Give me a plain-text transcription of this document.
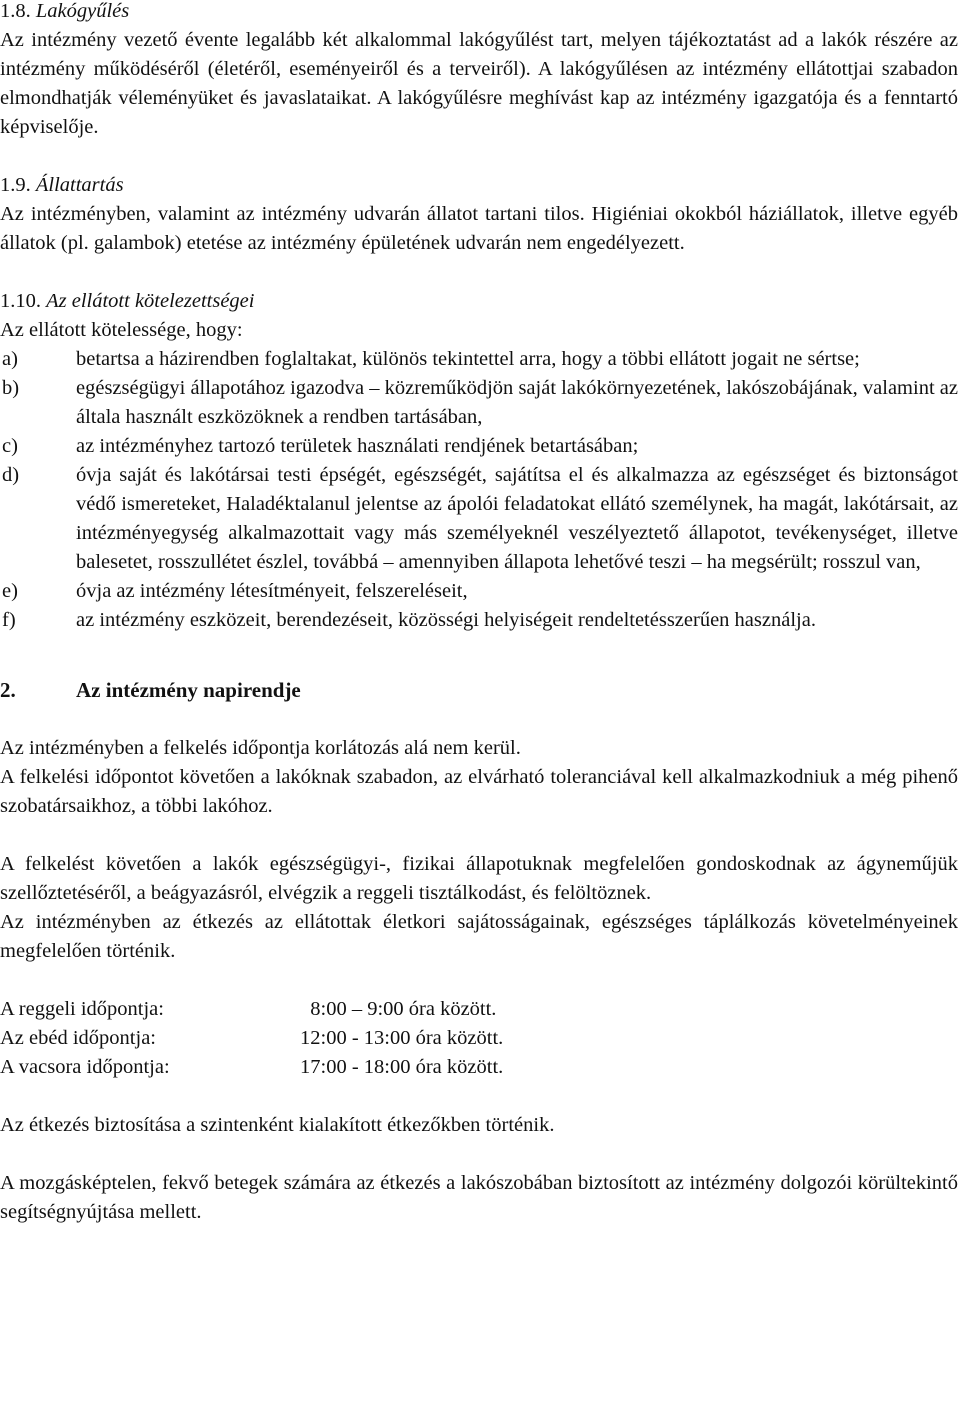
1.8. Lakógyűlés

Az intézmény vezető évente legalább két alkalommal lakógyűlést tart, melyen tájékoztatást ad a lakók részére az intézmény működéséről (életéről, eseményeiről és a terveiről). A lakógyűlésen az intézmény ellátottjai szabadon elmondhatják véleményüket és javaslataikat. A lakógyűlésre meghívást kap az intézmény igazgatója és a fenntartó képviselője.

1.9. Állattartás

Az intézményben, valamint az intézmény udvarán állatot tartani tilos. Higiéniai okokból háziállatok, illetve egyéb állatok (pl. galambok) etetése az intézmény épületének udvarán nem engedélyezett.

1.10. Az ellátott kötelezettségei

Az ellátott kötelessége, hogy:

a)	betartsa a házirendben foglaltakat, különös tekintettel arra, hogy a többi ellátott jogait ne sértse;
b)	egészségügyi állapotához igazodva – közreműködjön saját lakókörnyezetének, lakószobájának, valamint az általa használt eszközöknek a rendben tartásában,
c)	az intézményhez tartozó területek használati rendjének betartásában;
d)	óvja saját és lakótársai testi épségét, egészségét, sajátítsa el és alkalmazza az egészséget és biztonságot védő ismereteket, Haladéktalanul jelentse az ápolói feladatokat ellátó személynek, ha magát, lakótársait, az intézményegység alkalmazottait vagy más személyeknél veszélyeztető állapotot, tevékenységet, illetve balesetet, rosszullétet észlel, továbbá – amennyiben állapota lehetővé teszi – ha megsérült; rosszul van,
e)	óvja az intézmény létesítményeit, felszereléseit,
f)	az intézmény eszközeit, berendezéseit, közösségi helyiségeit rendeltetésszerűen használja.
2.	Az intézmény napirendje

Az intézményben a felkelés időpontja korlátozás alá nem kerül.

A felkelési időpontot követően a lakóknak szabadon, az elvárható toleranciával kell alkalmazkodniuk a még pihenő szobatársaikhoz, a többi lakóhoz.

A felkelést követően a lakók egészségügyi-, fizikai állapotuknak megfelelően gondoskodnak az ágyneműjük szellőztetéséről, a beágyazásról, elvégzik a reggeli tisztálkodást, és felöltöznek.

Az intézményben az étkezés az ellátottak életkori sajátosságainak, egészséges táplálkozás követelményeinek megfelelően történik.

A reggeli időpontja:	8:00 – 9:00 óra között.
Az ebéd időpontja:	12:00 - 13:00 óra között.
A vacsora időpontja:	17:00 - 18:00 óra között.

Az étkezés biztosítása a szintenként kialakított étkezőkben történik.

A mozgásképtelen, fekvő betegek számára az étkezés a lakószobában biztosított az intézmény dolgozói körültekintő segítségnyújtása mellett.
